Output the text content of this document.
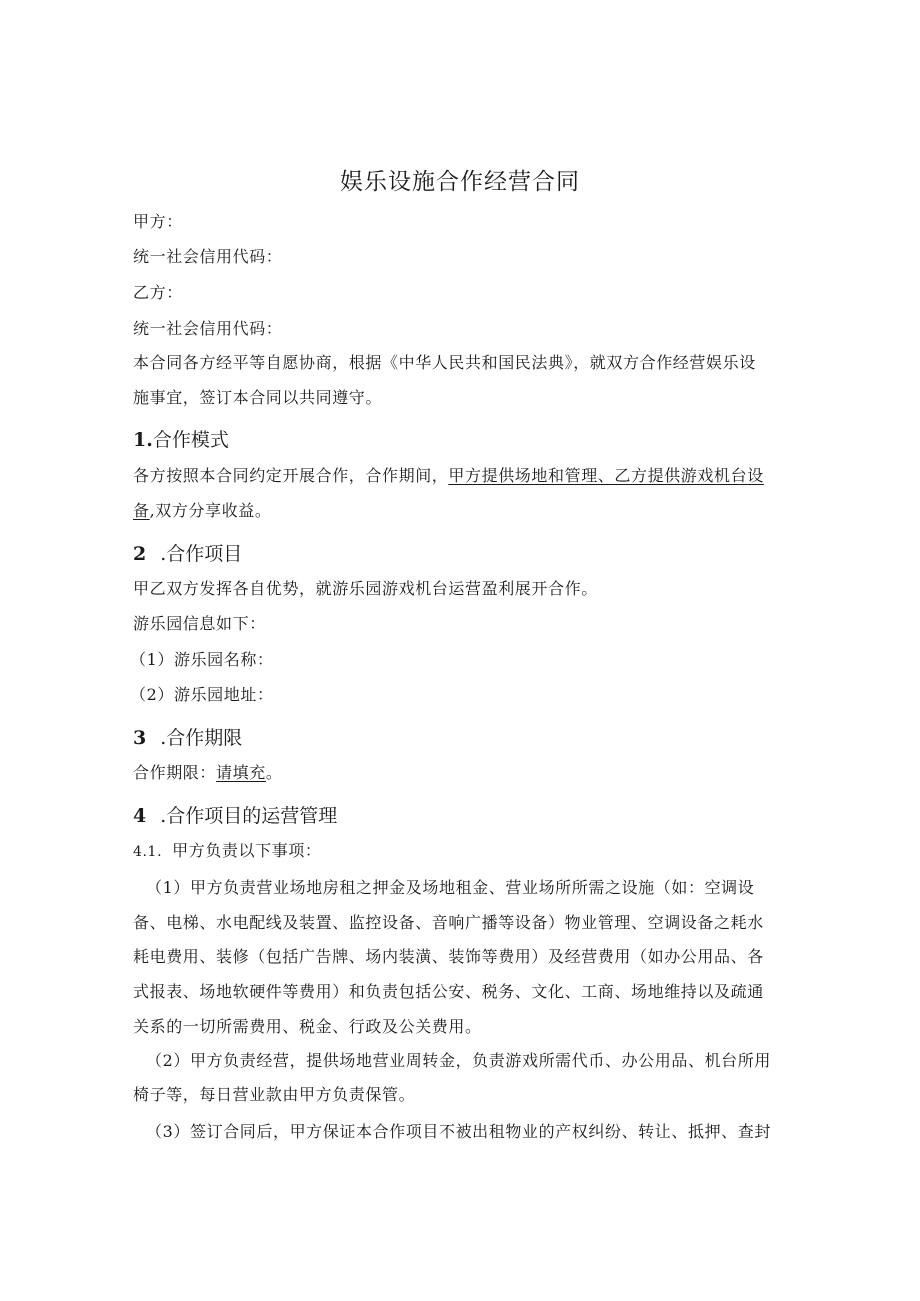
娱乐设施合作经营合同
甲方：
统一社会信用代码：
乙方：
统一社会信用代码：
本合同各方经平等自愿协商，根据《中华人民共和国民法典》，就双方合作经营娱乐设
施事宜，签订本合同以共同遵守。
1.合作模式
各方按照本合同约定开展合作，合作期间，甲方提供场地和管理、乙方提供游戏机台设
备,双方分享收益。
2 .合作项目
甲乙双方发挥各自优势，就游乐园游戏机台运营盈利展开合作。
游乐园信息如下：
（1）游乐园名称：
（2）游乐园地址：
3 .合作期限
合作期限：请填充。
4 .合作项目的运营管理
4.1. 甲方负责以下事项：
（1）甲方负责营业场地房租之押金及场地租金、营业场所所需之设施（如：空调设
备、电梯、水电配线及装置、监控设备、音响广播等设备）物业管理、空调设备之耗水
耗电费用、装修（包括广告牌、场内装潢、装饰等费用）及经营费用（如办公用品、各
式报表、场地软硬件等费用）和负责包括公安、税务、文化、工商、场地维持以及疏通
关系的一切所需费用、税金、行政及公关费用。
（2）甲方负责经营，提供场地营业周转金，负责游戏所需代币、办公用品、机台所用
椅子等，每日营业款由甲方负责保管。
（3）签订合同后，甲方保证本合作项目不被出租物业的产权纠纷、转让、抵押、查封
